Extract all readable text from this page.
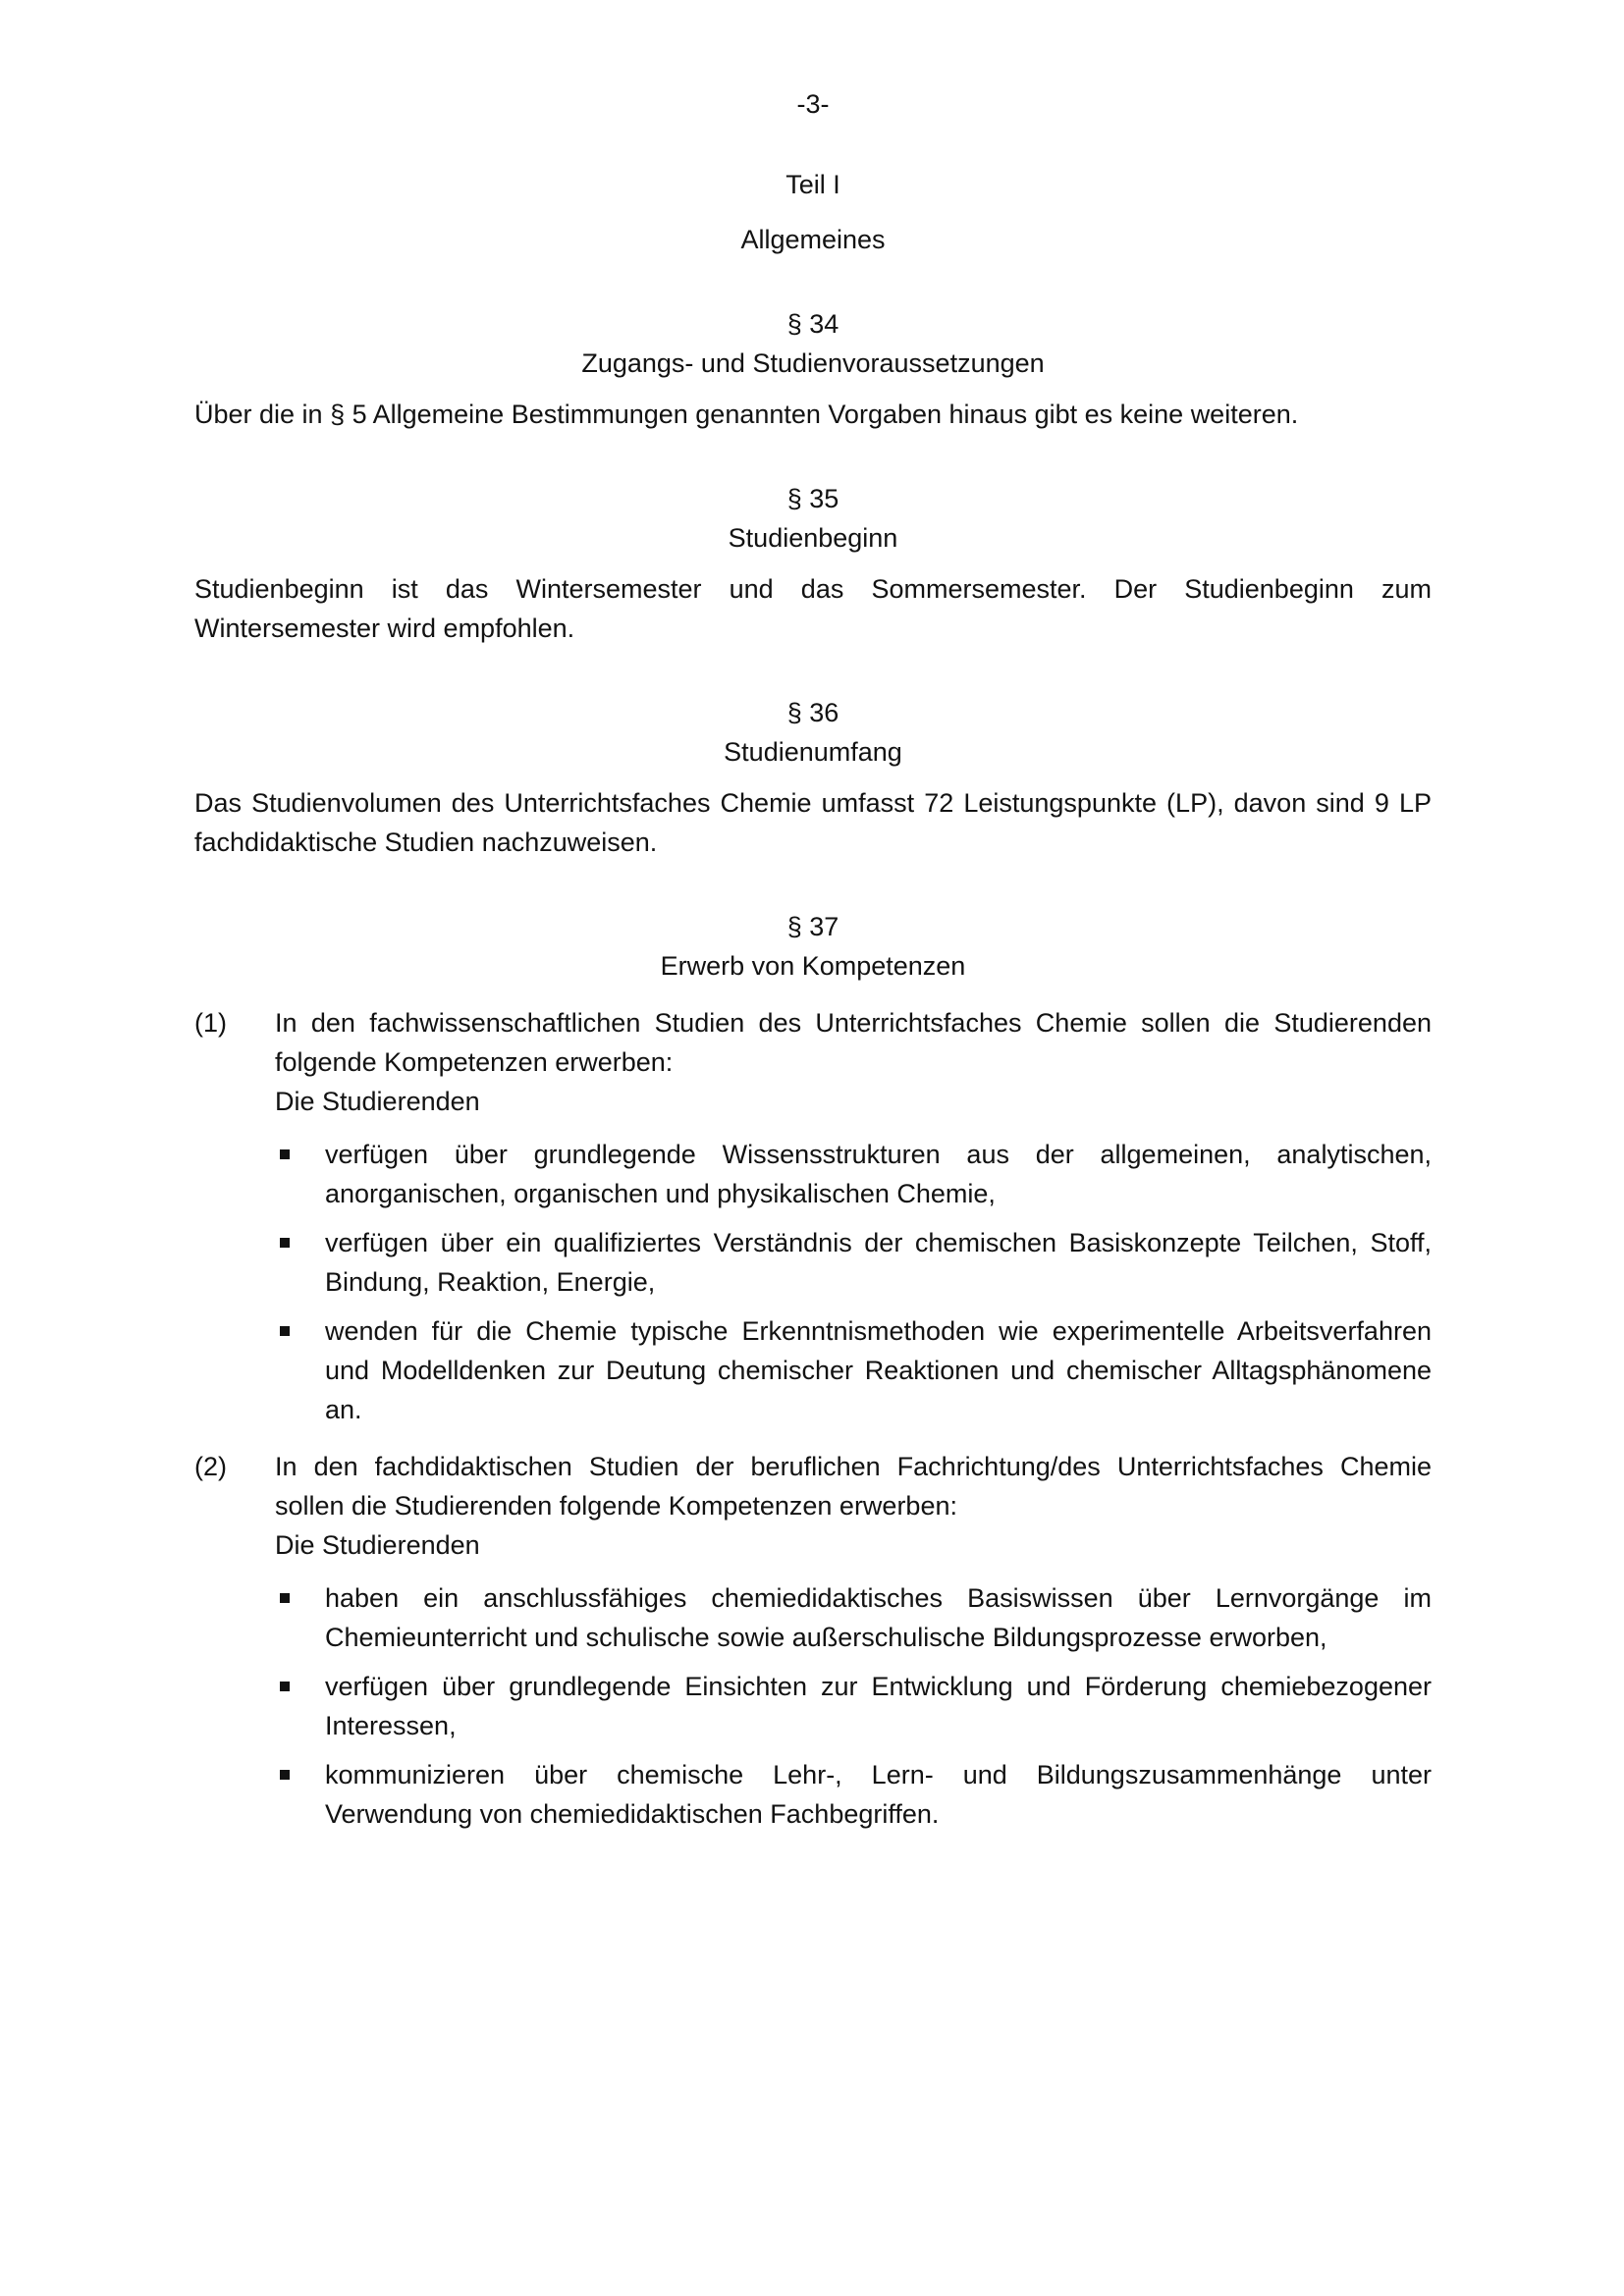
-3-
Teil I
Allgemeines
§ 34
Zugangs- und Studienvoraussetzungen

Über die in § 5 Allgemeine Bestimmungen genannten Vorgaben hinaus gibt es keine weiteren.

§ 35
Studienbeginn

Studienbeginn ist das Wintersemester und das Sommersemester. Der Studienbeginn zum Wintersemester wird empfohlen.

§ 36
Studienumfang

Das Studienvolumen des Unterrichtsfaches Chemie umfasst 72 Leistungspunkte (LP), davon sind 9 LP fachdidaktische Studien nachzuweisen.

§ 37
Erwerb von Kompetenzen
(1)	In den fachwissenschaftlichen Studien des Unterrichtsfaches Chemie sollen die Studierenden folgende Kompetenzen erwerben:

Die Studierenden

verfügen über grundlegende Wissensstrukturen aus der allgemeinen, analytischen, anorganischen, organischen und physikalischen Chemie,

verfügen über ein qualifiziertes Verständnis der chemischen Basiskonzepte Teilchen, Stoff, Bindung, Reaktion, Energie,

wenden für die Chemie typische Erkenntnismethoden wie experimentelle Arbeitsverfahren und Modelldenken zur Deutung chemischer Reaktionen und chemischer Alltagsphänomene an.

(2)	In den fachdidaktischen Studien der beruflichen Fachrichtung/des Unterrichtsfaches Chemie sollen die Studierenden folgende Kompetenzen erwerben:

Die Studierenden

haben ein anschlussfähiges chemiedidaktisches Basiswissen über Lernvorgänge im Chemieunterricht und schulische sowie außerschulische Bildungsprozesse erworben,

verfügen über grundlegende Einsichten zur Entwicklung und Förderung chemiebezogener Interessen,

kommunizieren über chemische Lehr-, Lern- und Bildungszusammenhänge unter Verwendung von chemiedidaktischen Fachbegriffen.
